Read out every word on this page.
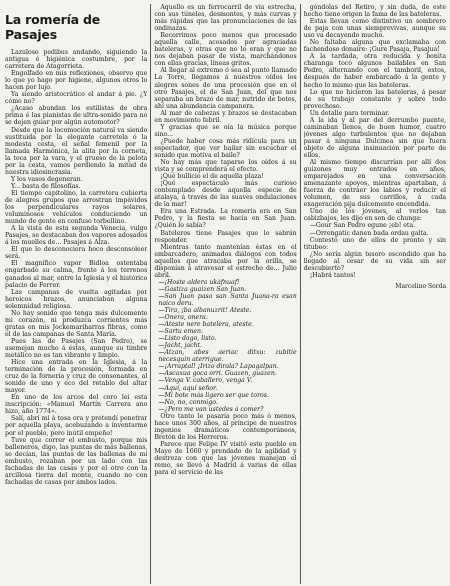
La romería de Pasajes

Lazuloso pedibus andando, siguiendo la antigua é higiénica costumbre, por la carretera de Atagorrieta.

Engolfado en mis reflexiones, observo que lo que yo hago por higiene, algunos otros lo hacen por lujo.

Ya siendo aristocrático el andar á pie. ¿Y cómo no?

¿Acaso abundan los estilistas de obra prima é las pianistas de ultra-sonido para no se dejen guiar por algún automotor?

Desde que la locomoción natural va siendo sustituida por la elegante carretela ó la modesta cesta, el señal femenil por la llamada Harmónica, la alita por la corneta, la toca por la vara, y el grueso de la pelota por la cesta, vamos perdiendo la mitad de nuestra idiosincrasia.

Y los vasos degeneran.

Y... basta de filosofías.

El tiempo capitolino, la carretera cubierta de alegres grupos que arrostran impávidos los perpendiculares rayos solares, voluminosos vehículos conduciendo un mundo de gente en confuso torbellino.

A la vista de esta segunda Venecia, vulgo Pasajes, se destacaban dos vapores adosados á los muelles de... Pasajes á Alza.

El que lo desconociera hoco desconsoleer será.

El magnífico vapor Bidloa ostentaba engarbado su calma, frente á los terrenos ganados al mar, entre la Iglesia y el histórico palacio de Ferrer.

Las campanas de vuelta agitadas por heroicos brazos, anunciaban alguna solemnidad religiosa.

No hay sonido que tenga más dulcemente mi corazón, ni produzca corrientes más gratas en mis Jockemariharras fibras, como el de las campanas de Santa María.

Pues las de Pasajes (San Pedro), se asemejan mucho á éstas, aunque su timbre metálico no es tan vibrante y limpio.

Hice una entrada en la Iglesia, á la terminación de la procesión, formada en cruz de la fornería y cruz de consonantes, al sonido de uno y eco del retablo del altar mayor.

En uno de los arcos del coro leí esta inscripción: «Manuel Martín Carrera ano hizo, año 1774».

Salí, abrí mi á tosa ora y pretendí penetrar por aquella playa, acebuzando a inventarme por el pueblo, pero inútil empeño!

Tuve que correr el embusto, porque mis balleneros, digo, las puntas de más ballenas, se decían, las puntas de las ballenas de mi embusto, rozaban por un lado con las fachadas de las casas y por el otro con la arcillosa tierra del monte, cuando no con fachadas de casas por ambos lados.

Aquello es un ferrocarril de vía estrecha, con sus túneles, desmontes, y más curvas y más rápidas que las pronunciaciones de las ondinazas.

Recorrimos poco menos que procesado aquella calle, acosados por agraciadas bateleras, y otras que no lo eran y que no nos dejaban pasar de vista, marchándonos con ellas gracias, líneas gritos.

Al llegar al extremo ó sea al punto llamado La Torre, llegamos á nuestros oídos los alegres sones de una procesión que en el otro Pasajes, el de San Juan, del que nos separaba un brazo de mar, nutrido de botes, ahí una abundancia campanera.

Al mar de cabezas y brazos se destacaban en movimiento febril.

Y gracias que se oía la música porque sino...

¿Puede haber cosa más ridícula para un espectador, que ver bailar sin escuchar el sonido que motiva el baile?

No hay más que taparse los oídos á su vista y se comprenderá el efecto.

¡Qué bullicio el de aquella plaza!

¡Qué espectáculo más curioso contemplado desde aquella especie de atalaya, á través de las suaves ondulaciones de la mar!

Era una Estrada. La romería era en San Pedro, y la fiesta se hacía en San Juan. ¿Quién lo sabía?

Bateleros tiene Pasajes que lo sabrán responder.

Mientras tanto mantenían éstas en el embarcadero, animados diálogos con todos aquellos que atracaba por la orilla, se disponían á atravesar el estrecho de... Julio abril.

—¡Hoste aldera ukáfnuaf!

—Gastiza guaizen San Juan.

—San Juan pasa san Santa Juana-ra esan naico deru.

—Tira, ¡ba albanuzrit! Ateste.

—Onera, onera.

—Ateste nere batelera, ateste.

—Sartu emen.

—Listo dago, listo.

—Jacht, jacht.

—Atzan, abes aeriac ditxu: zubitie necesquin aterrigue.

—¡Arraptal! ¡Irizo dirala? Lapagalpan.

—Ascaxua goca orri. Guazen, guazen.

—Venga V. caballero, venga V.

—Aquí, aquí señor.

—Mi bote más ligero ser que toros.

—No, no, conmigo.

—¿Pero me van ustedes á comer?

Otro tanto le pasaría poco más ó menos, hace unos 300 años, al príncipe de nuestros ingenios dramáticos contemporáneos, Bretón de los Herreros.

Parece que Felipe IV visitó este pueblo en Mayo de 1660 y prendado de la agilidad y destreza con que las jóvenes manejan el remo, se llevó á Madrid á varias de ellas para el servicio de las

góndolas del Retiro, y sin duda, de este hecho tiene origen la fama de las bateleras.

Estas llevan como distintivo un sombrero de paja con unas siemprevivas, aunque su uso va decayendo mucho.

No faltaba alguna que exclamaba con fachendoso donaire: ¡Gure Pasaja, Pasajua!

A la tardada, otra reducida y bonita charanga tocó algunos bailables en San Pedro, alternando con el tamboril, estos, después de haber embarcado á la gente y hecho lo mismo que las bateleras.

Lo que no hicieron las bateleras, á pesar de su trabajo constante y sobre todo provechoso.

Un detalle para terminar.

A la ida y al par del derrumbo puente, caminaban llenos, de buen humor, cuatro jóvenes algo turbulentos que no dejaban pasar á ninguna Dulcinea sin que fuera objeto de alguna insinuación por parte de ellos.

Al mismo tiempo discurrían por allí dos guizones muy entrados en años, emparejados en una conversación amenazante apoyos, mientras apartaban, á fuerza de contraer los labios y reducir el volumen, de sus carrillos, á cada exageración pija dulcemente encendida.

Uno de los jóvenes, al verlos tan cabizbajos, les dijo en son de chunga:

—Gour San Pedro egune ¡eb! eta.

—Orrengatic danen bada ordau galta.

Contestó uno de ellos de pronto y sin titubeo:

¿No sería algún tesoro escondido que ha llegado al cesar de su vida sin ser descubierto?

¡Habrá tantos!

Marcelino Sorda
